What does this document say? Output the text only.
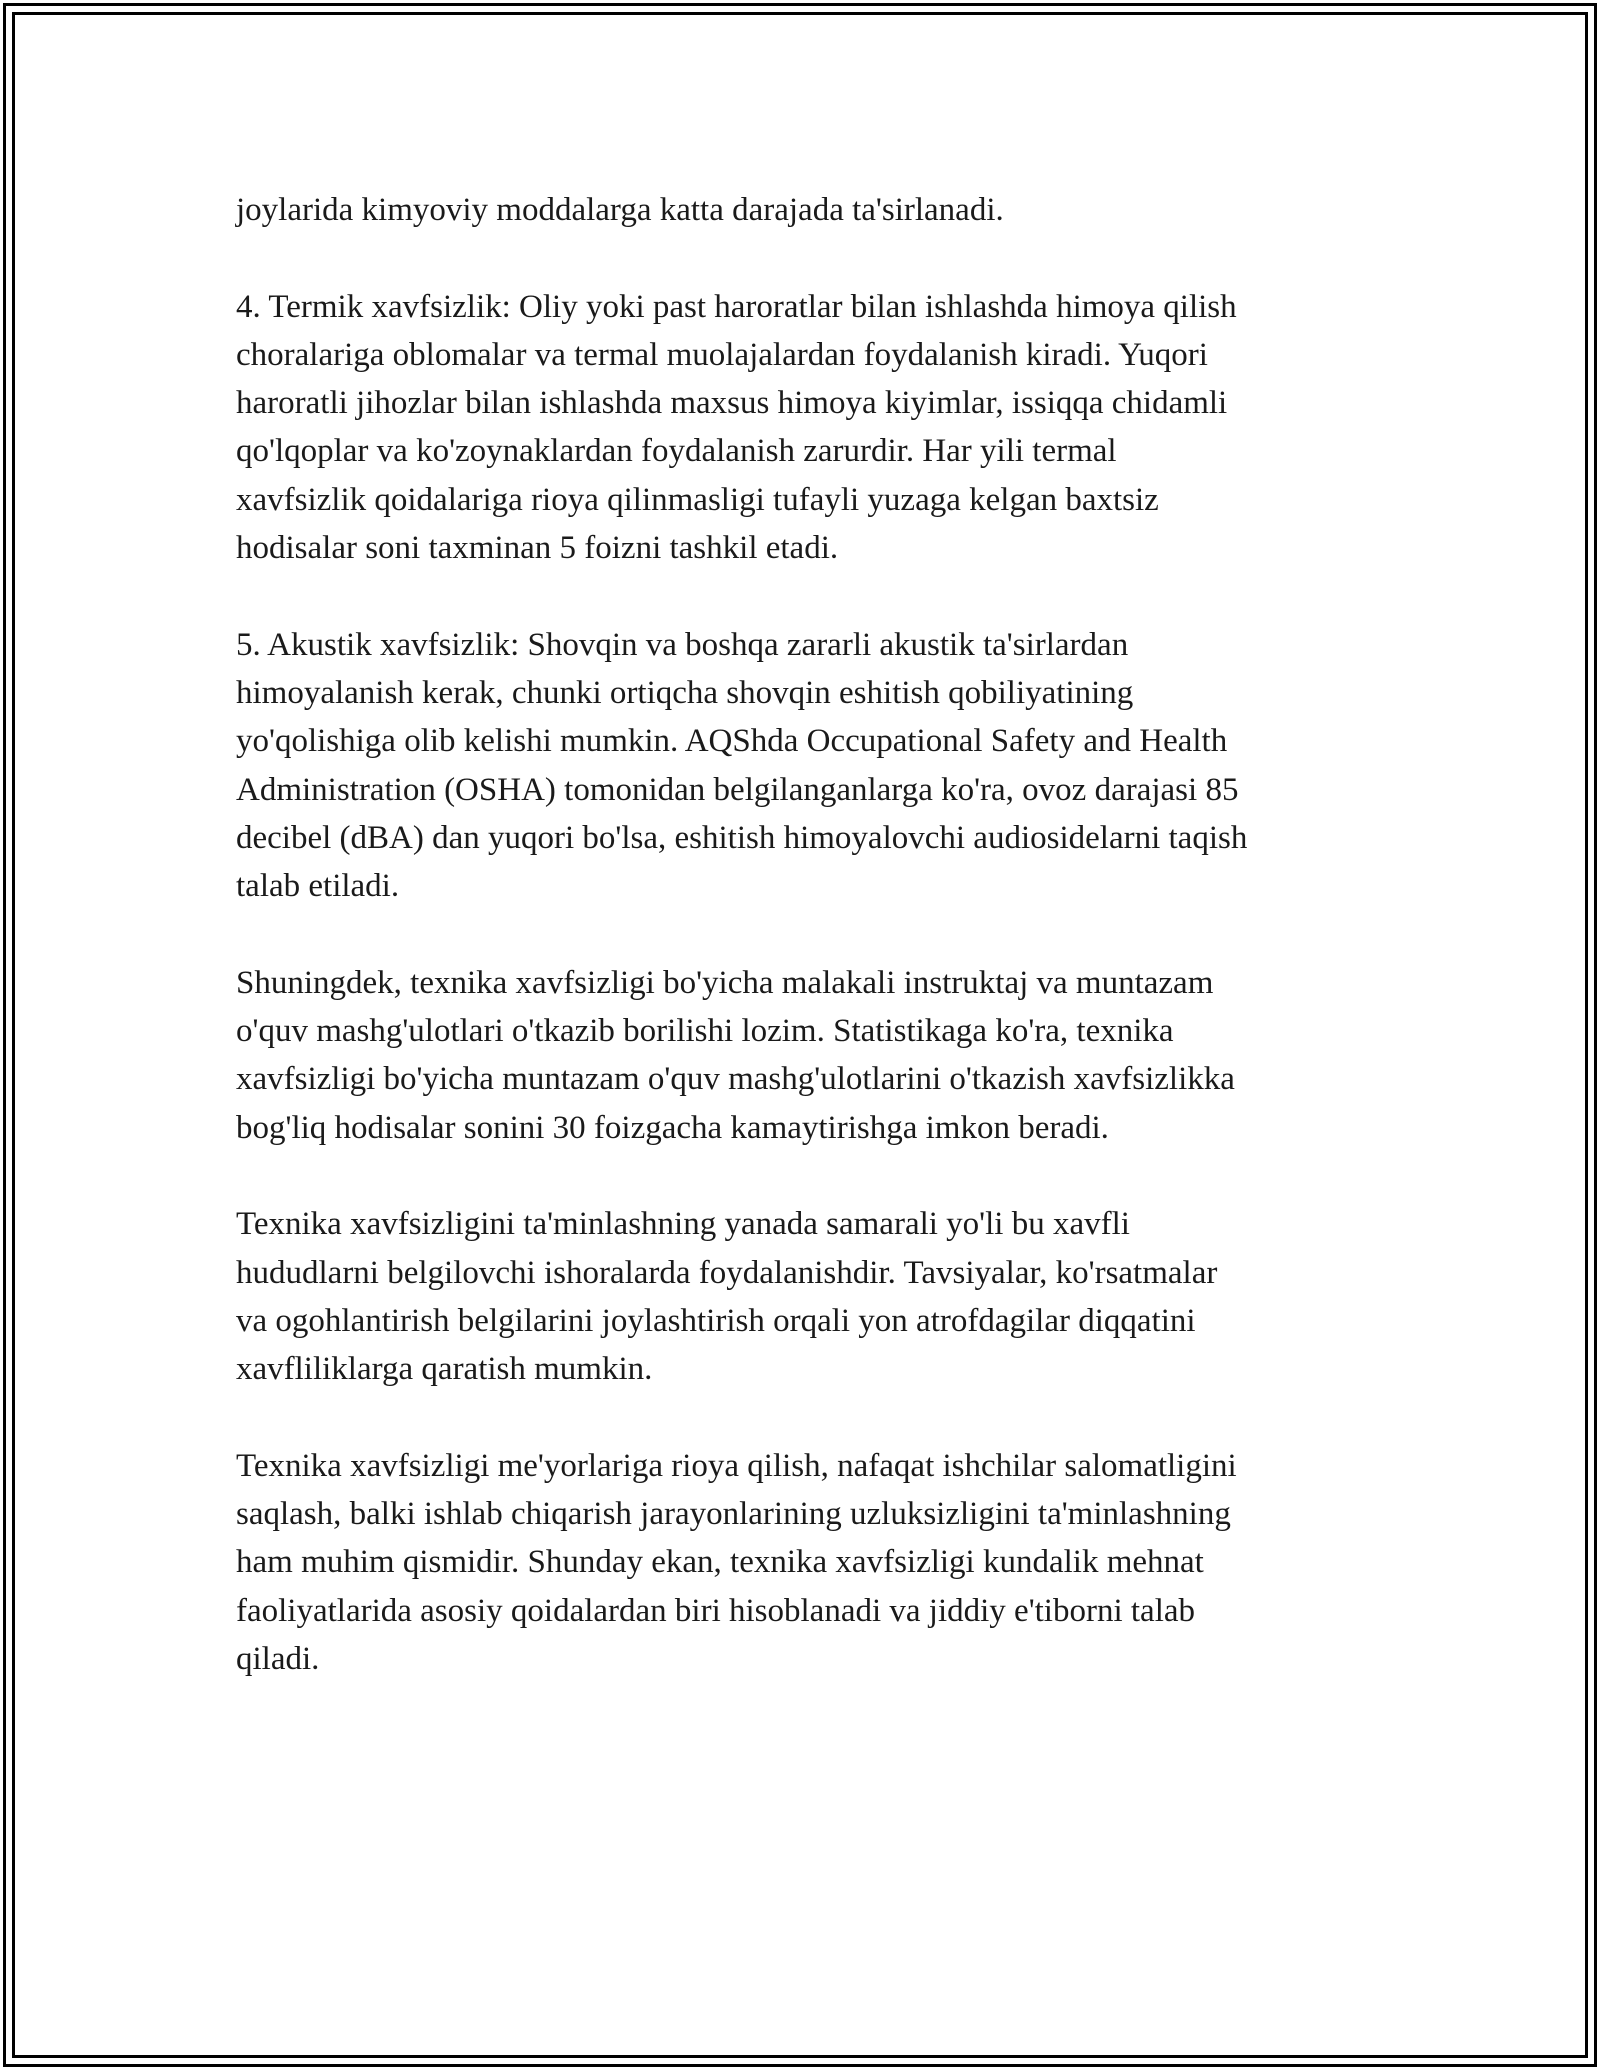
joylarida kimyoviy moddalarga katta darajada ta'sirlanadi.

4. Termik xavfsizlik: Oliy yoki past haroratlar bilan ishlashda himoya qilish
choralariga oblomalar va termal muolajalardan foydalanish kiradi. Yuqori
haroratli jihozlar bilan ishlashda maxsus himoya kiyimlar, issiqqa chidamli
qo'lqoplar va ko'zoynaklardan foydalanish zarurdir. Har yili termal
xavfsizlik qoidalariga rioya qilinmasligi tufayli yuzaga kelgan baxtsiz
hodisalar soni taxminan 5 foizni tashkil etadi.

5. Akustik xavfsizlik: Shovqin va boshqa zararli akustik ta'sirlardan
himoyalanish kerak, chunki ortiqcha shovqin eshitish qobiliyatining
yo'qolishiga olib kelishi mumkin. AQShda Occupational Safety and Health
Administration (OSHA) tomonidan belgilanganlarga ko'ra, ovoz darajasi 85
decibel (dBA) dan yuqori bo'lsa, eshitish himoyalovchi audiosidelarni taqish
talab etiladi.

Shuningdek, texnika xavfsizligi bo'yicha malakali instruktaj va muntazam
o'quv mashg'ulotlari o'tkazib borilishi lozim. Statistikaga ko'ra, texnika
xavfsizligi bo'yicha muntazam o'quv mashg'ulotlarini o'tkazish xavfsizlikka
bog'liq hodisalar sonini 30 foizgacha kamaytirishga imkon beradi.

Texnika xavfsizligini ta'minlashning yanada samarali yo'li bu xavfli
hududlarni belgilovchi ishoralarda foydalanishdir. Tavsiyalar, ko'rsatmalar
va ogohlantirish belgilarini joylashtirish orqali yon atrofdagilar diqqatini
xavfliliklarga qaratish mumkin.

Texnika xavfsizligi me'yorlariga rioya qilish, nafaqat ishchilar salomatligini
saqlash, balki ishlab chiqarish jarayonlarining uzluksizligini ta'minlashning
ham muhim qismidir. Shunday ekan, texnika xavfsizligi kundalik mehnat
faoliyatlarida asosiy qoidalardan biri hisoblanadi va jiddiy e'tiborni talab
qiladi.
